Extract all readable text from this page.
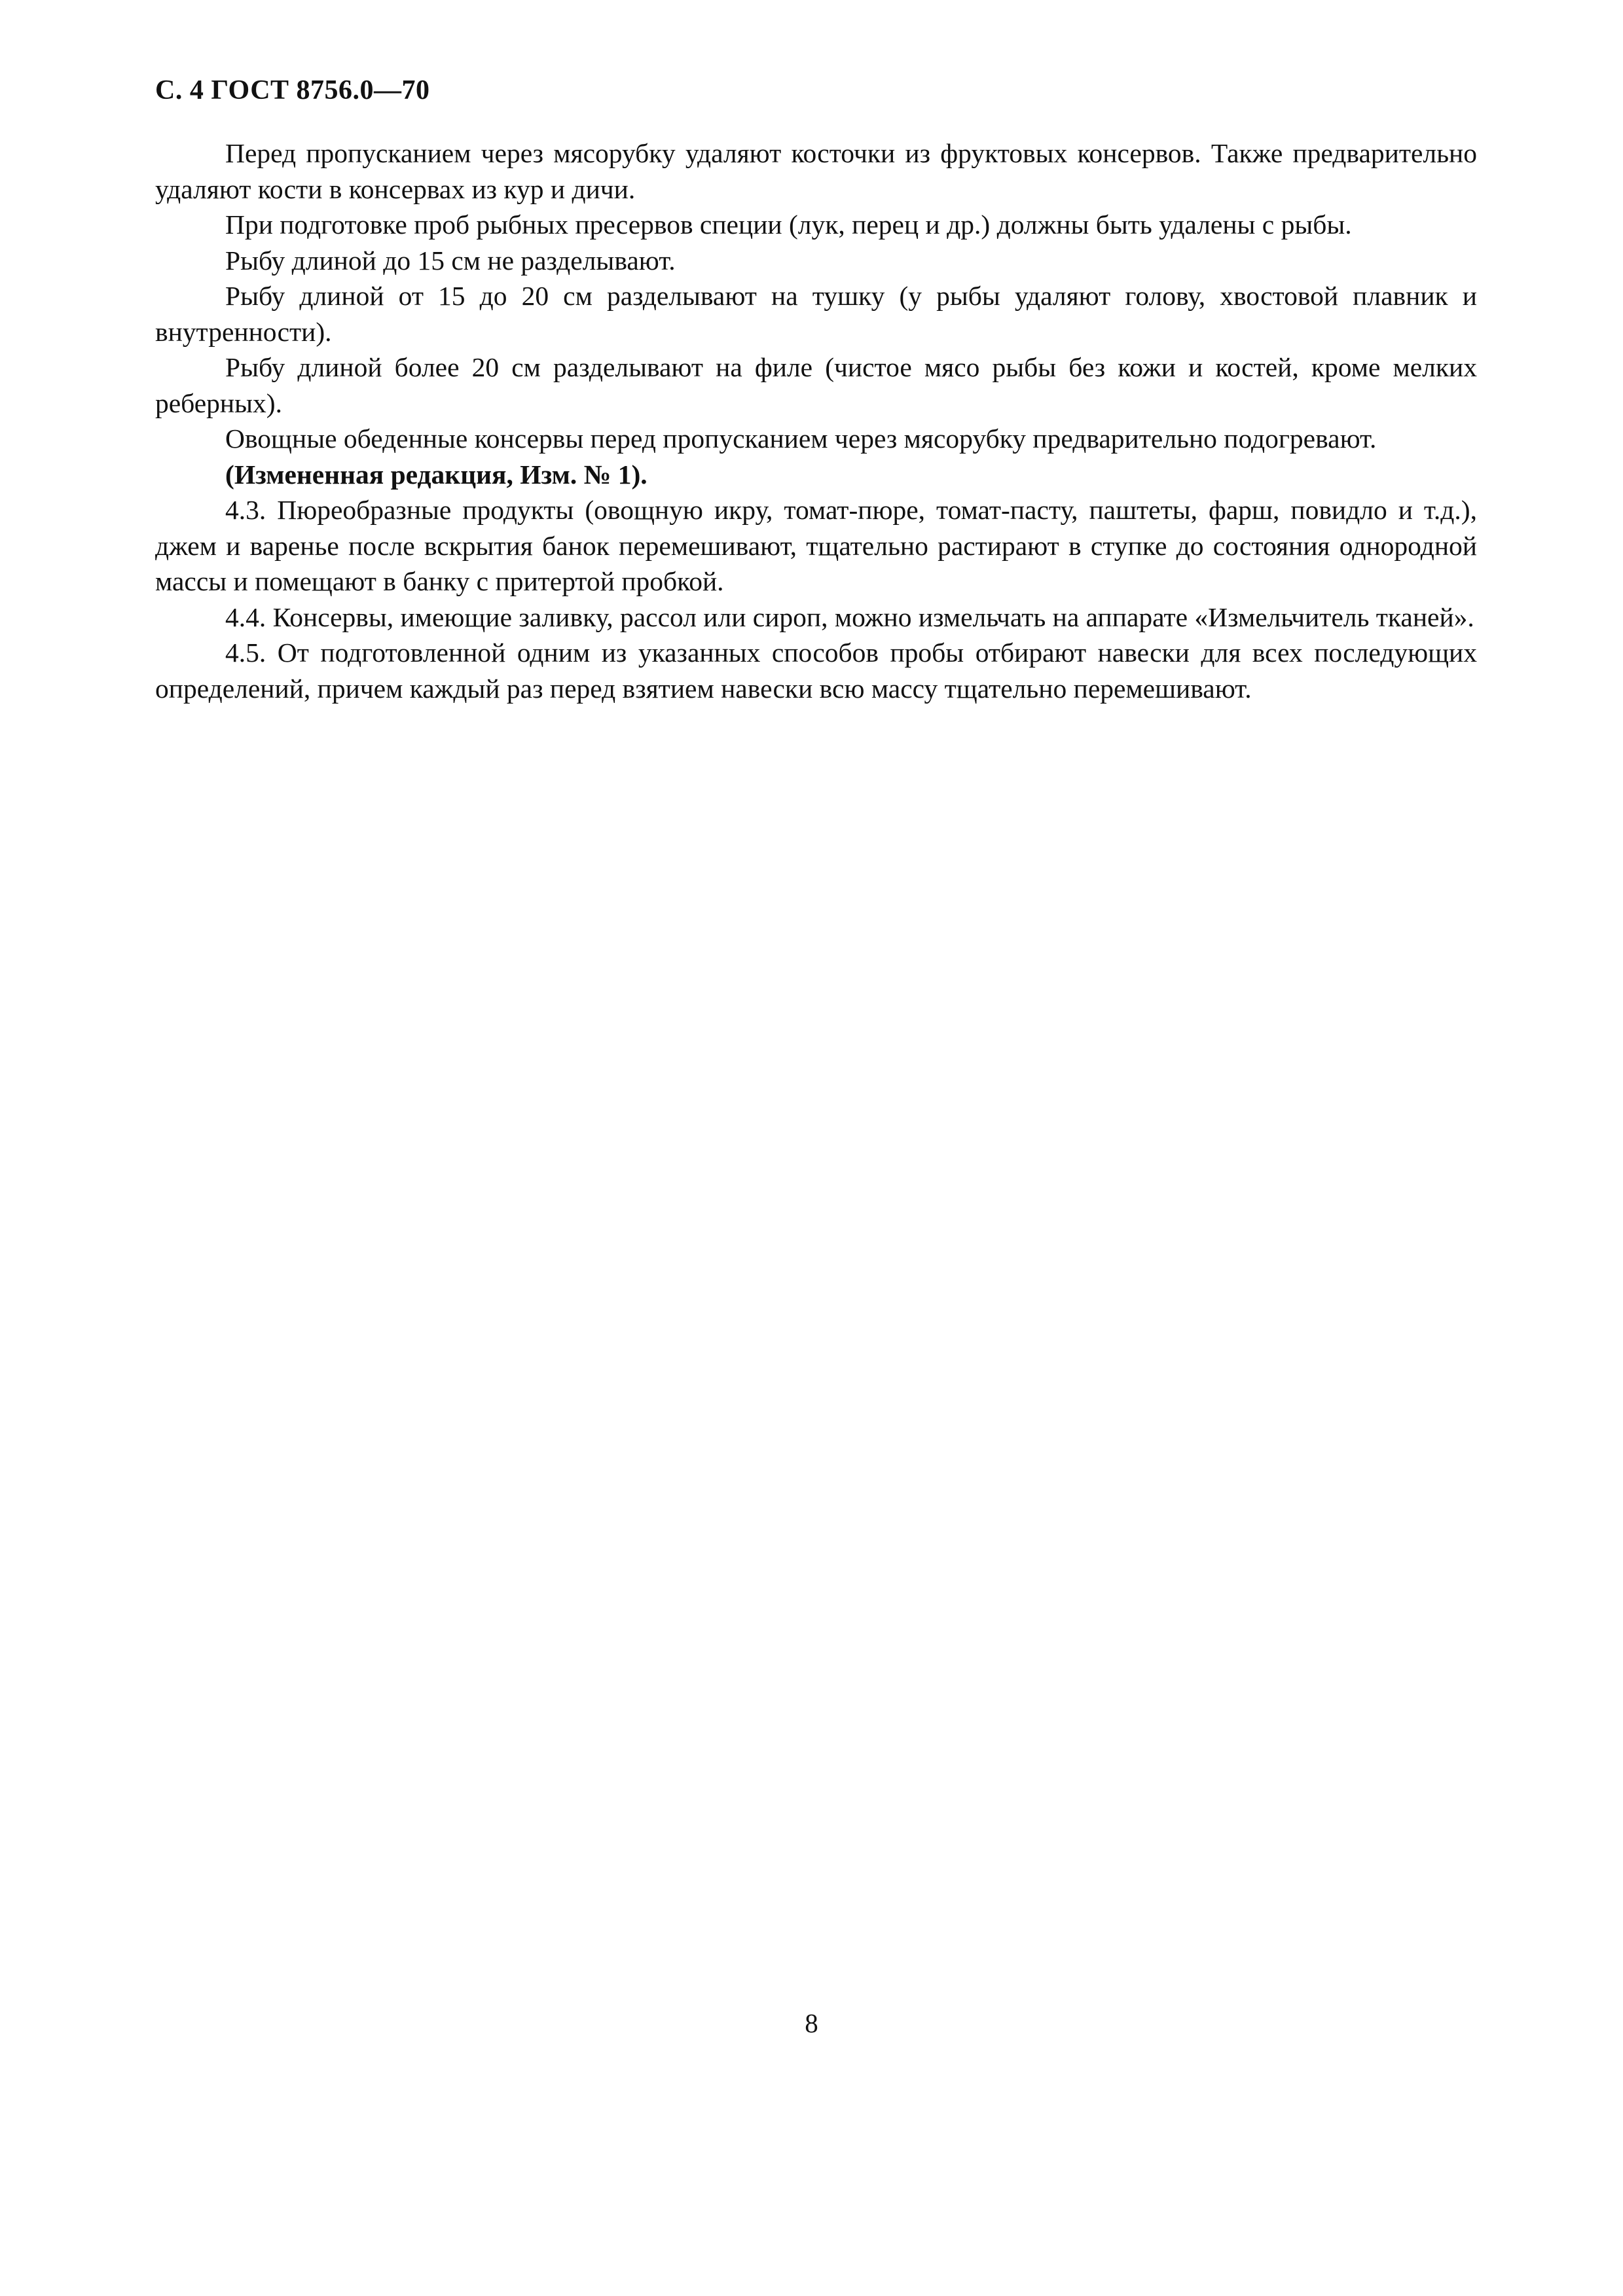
С. 4 ГОСТ 8756.0—70

Перед пропусканием через мясорубку удаляют косточки из фруктовых консервов. Также предварительно удаляют кости в консервах из кур и дичи.

При подготовке проб рыбных пресервов специи (лук, перец и др.) должны быть удалены с рыбы.

Рыбу длиной до 15 см не разделывают.

Рыбу длиной от 15 до 20 см разделывают на тушку (у рыбы удаляют голову, хвостовой плавник и внутренности).

Рыбу длиной более 20 см разделывают на филе (чистое мясо рыбы без кожи и костей, кроме мелких реберных).

Овощные обеденные консервы перед пропусканием через мясорубку предварительно подогревают.

(Измененная редакция, Изм. № 1).

4.3. Пюреобразные продукты (овощную икру, томат-пюре, томат-пасту, паштеты, фарш, повидло и т.д.), джем и варенье после вскрытия банок перемешивают, тщательно растирают в ступке до состояния однородной массы и помещают в банку с притертой пробкой.

4.4. Консервы, имеющие заливку, рассол или сироп, можно измельчать на аппарате «Измельчитель тканей».

4.5. От подготовленной одним из указанных способов пробы отбирают навески для всех последующих определений, причем каждый раз перед взятием навески всю массу тщательно перемешивают.

8
